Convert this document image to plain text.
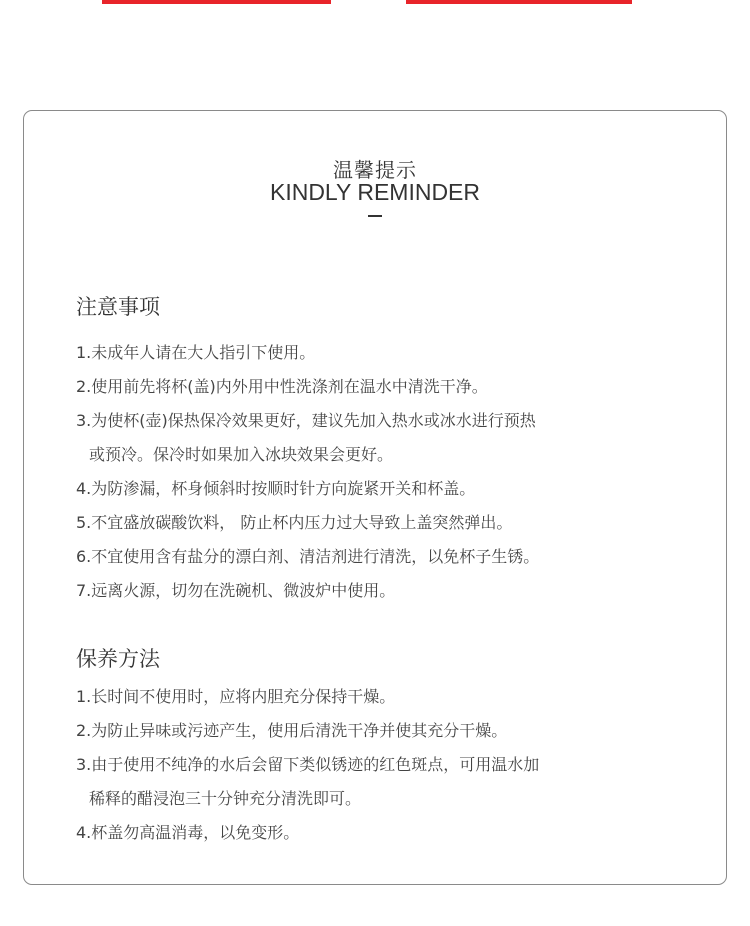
温馨提示
KINDLY REMINDER
注意事项
1.未成年人请在大人指引下使用。
2.使用前先将杯(盖)内外用中性洗涤剂在温水中清洗干净。
3.为使杯(壶)保热保冷效果更好，建议先加入热水或冰水进行预热
或预冷。保冷时如果加入冰块效果会更好。
4.为防渗漏，杯身倾斜时按顺时针方向旋紧开关和杯盖。
5.不宜盛放碳酸饮料， 防止杯内压力过大导致上盖突然弹出。
6.不宜使用含有盐分的漂白剂、清洁剂进行清洗，以免杯子生锈。
7.远离火源，切勿在洗碗机、微波炉中使用。
保养方法
1.长时间不使用时，应将内胆充分保持干燥。
2.为防止异味或污迹产生，使用后清洗干净并使其充分干燥。
3.由于使用不纯净的水后会留下类似锈迹的红色斑点，可用温水加
稀释的醋浸泡三十分钟充分清洗即可。
4.杯盖勿高温消毒，以免变形。
